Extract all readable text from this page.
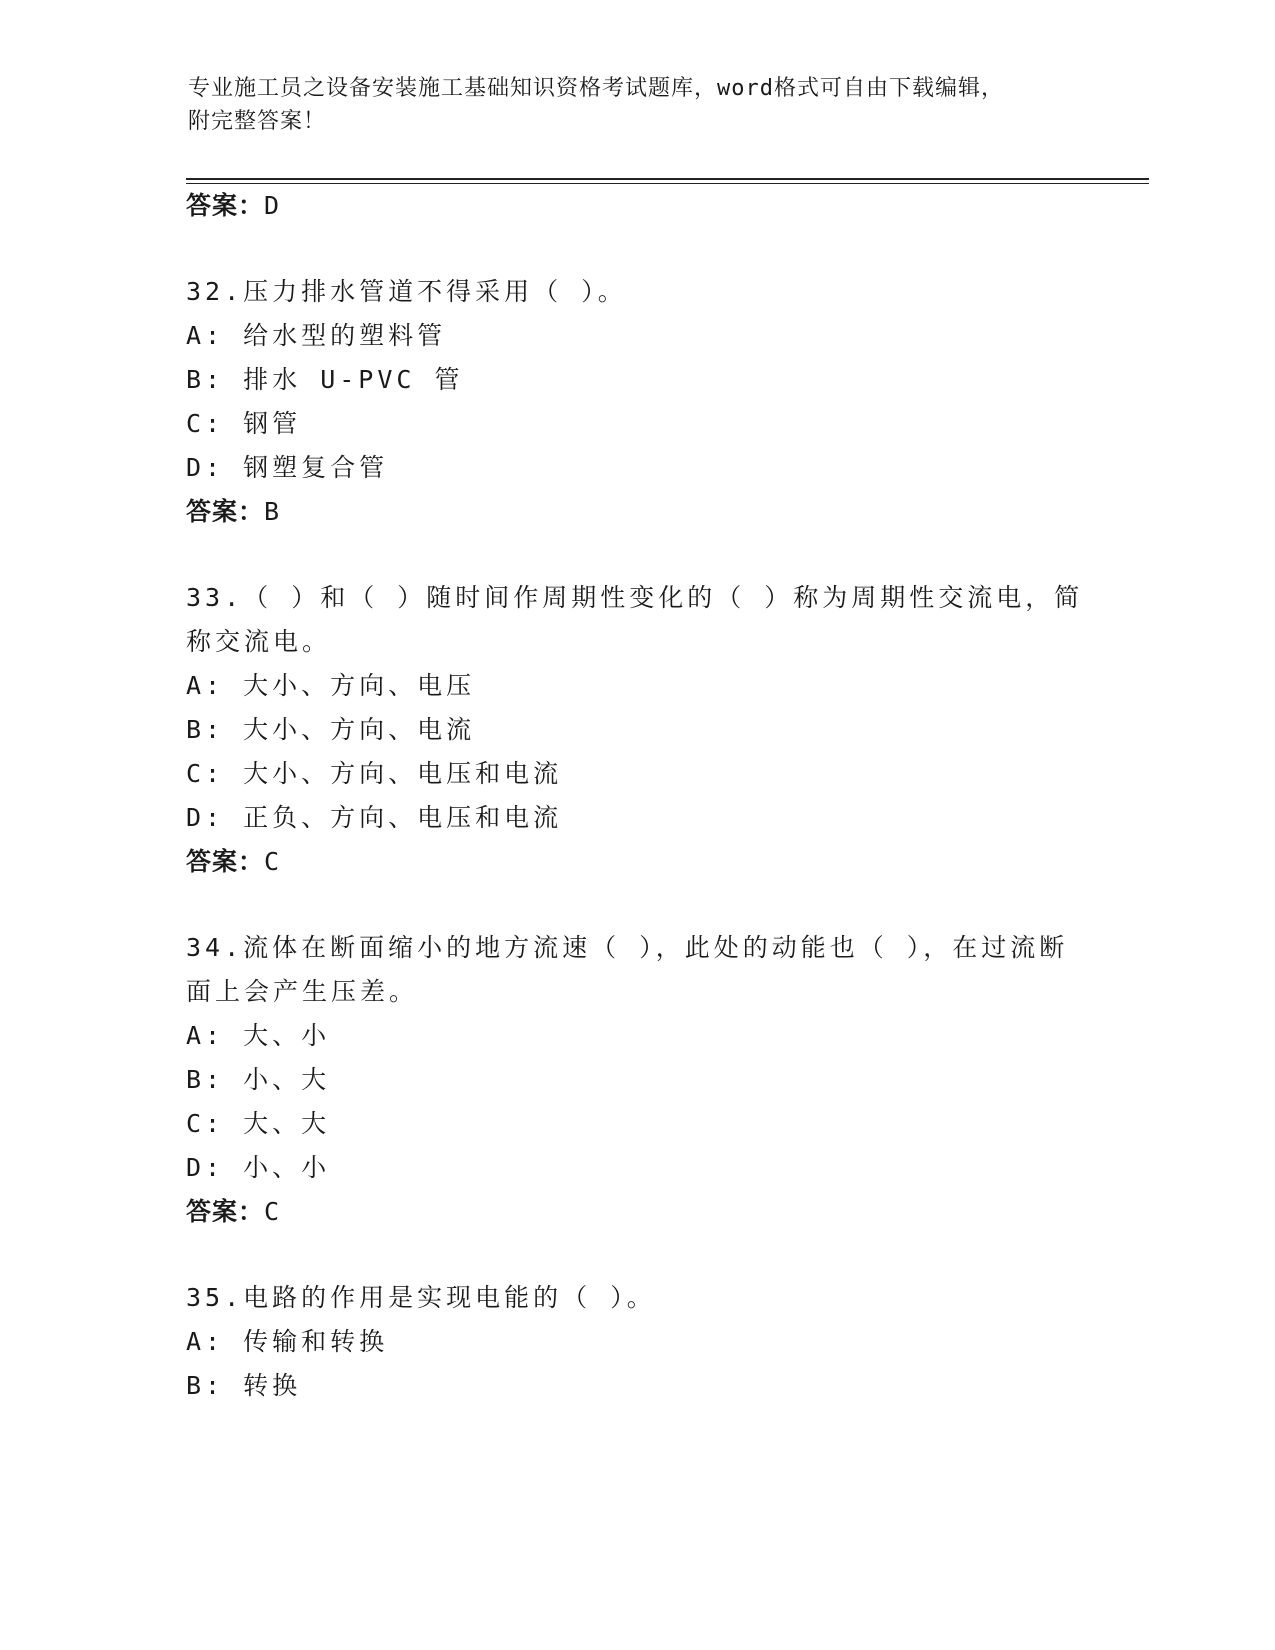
专业施工员之设备安装施工基础知识资格考试题库，word格式可自由下载编辑，
附完整答案！
答案：D
32.压力排水管道不得采用（ ）。
A: 给水型的塑料管
B: 排水 U-PVC 管
C: 钢管
D: 钢塑复合管
答案：B
33.（ ）和（ ）随时间作周期性变化的（ ）称为周期性交流电，简
称交流电。
A: 大小、方向、电压
B: 大小、方向、电流
C: 大小、方向、电压和电流
D: 正负、方向、电压和电流
答案：C
34.流体在断面缩小的地方流速（ ），此处的动能也（ ），在过流断
面上会产生压差。
A: 大、小
B: 小、大
C: 大、大
D: 小、小
答案：C
35.电路的作用是实现电能的（ ）。
A: 传输和转换
B: 转换
